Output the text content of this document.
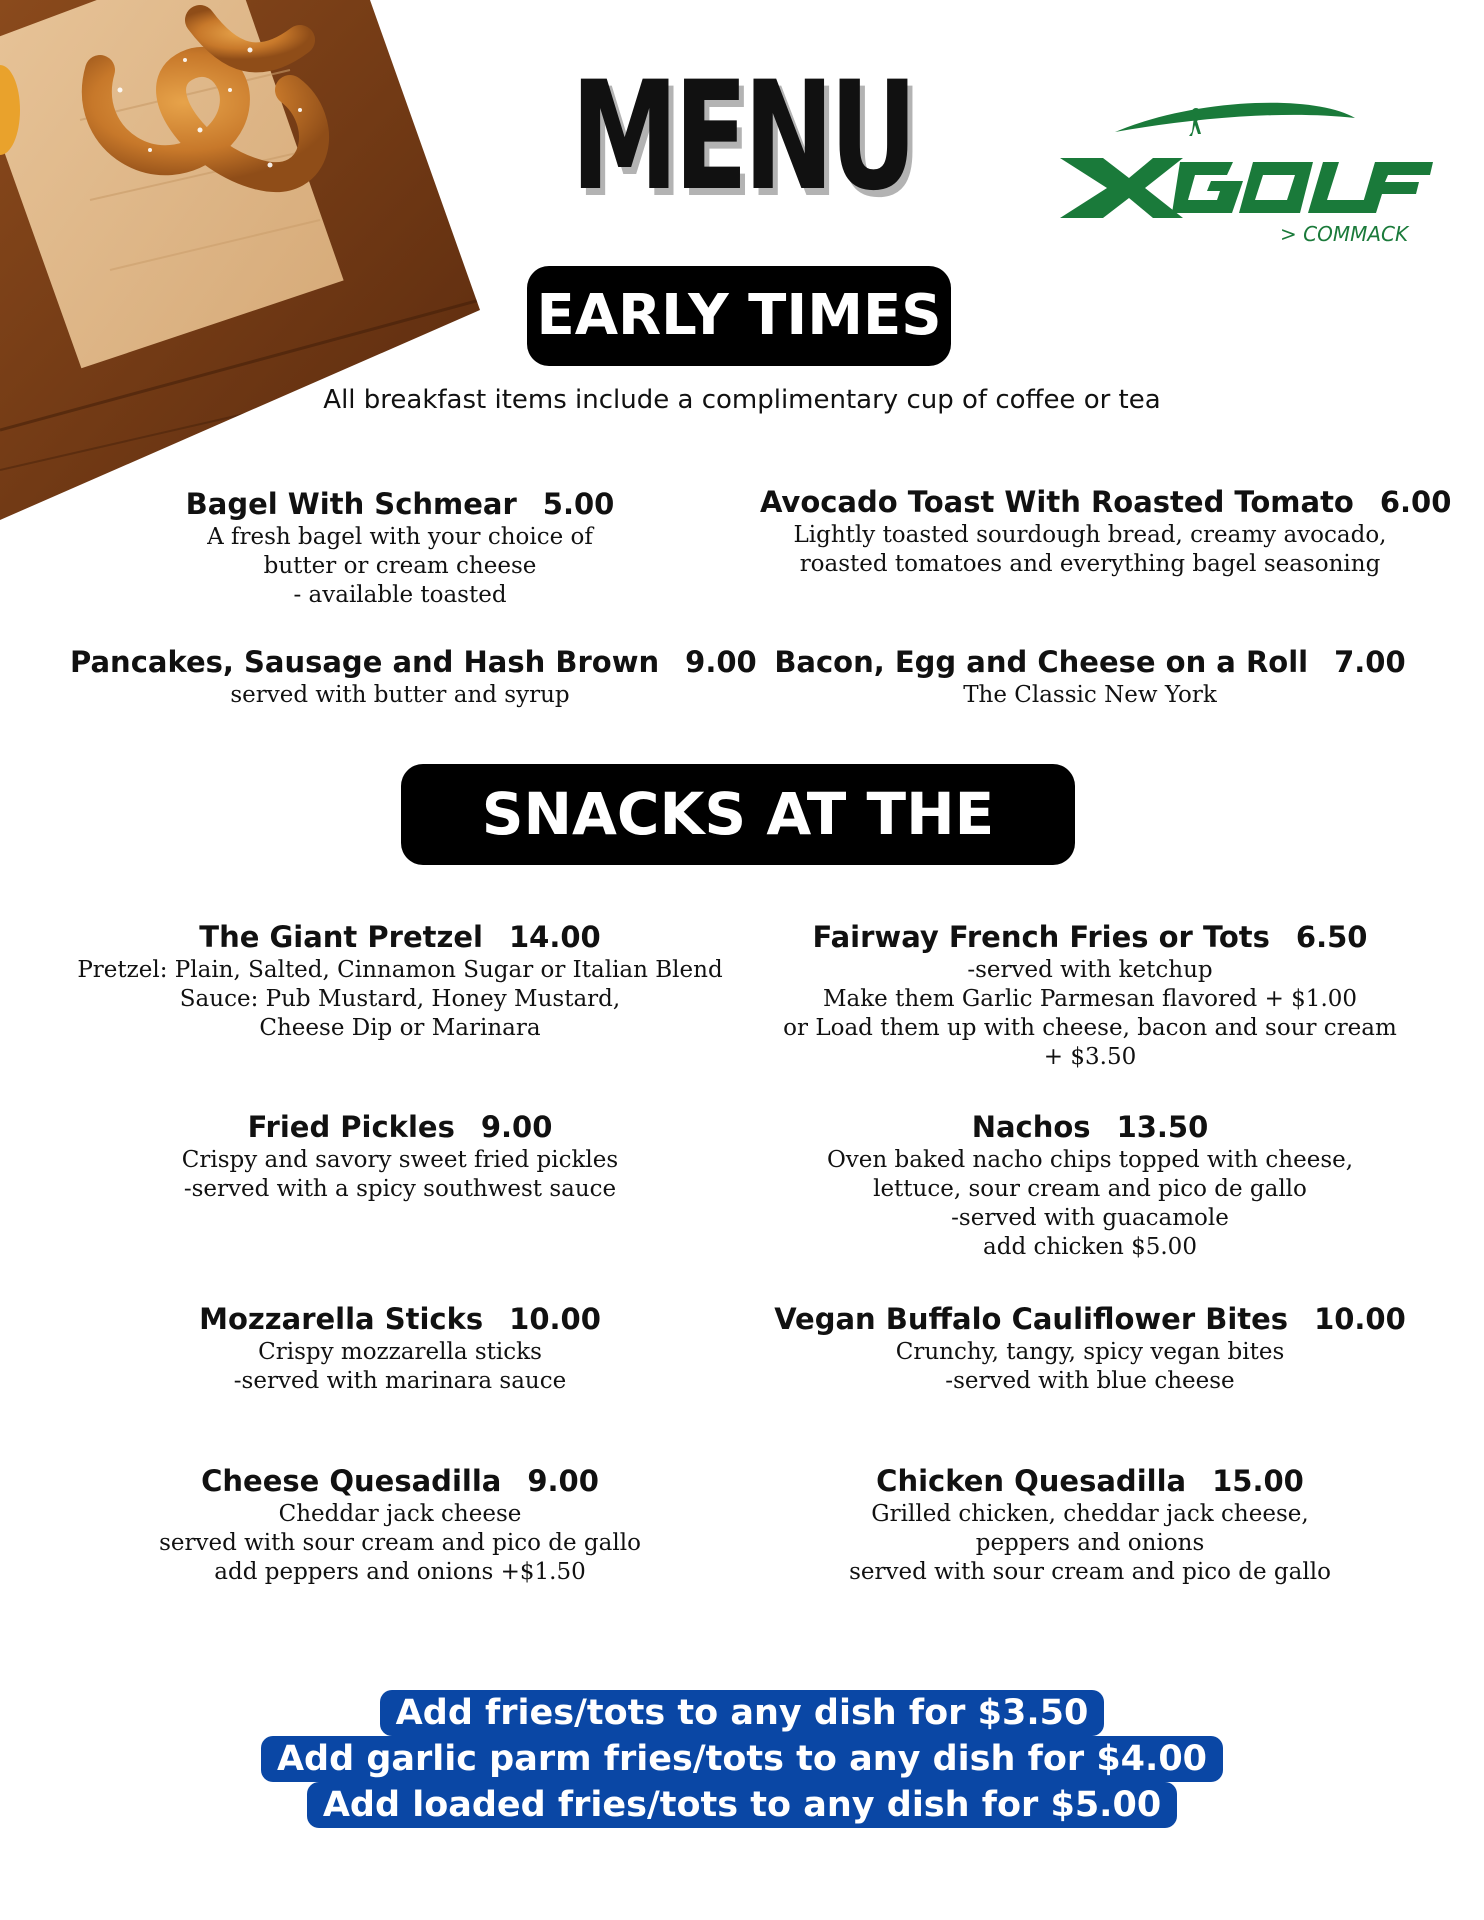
MENU
> COMMACK
EARLY TIMES
All breakfast items include a complimentary cup of coffee or tea
Bagel With Schmear 5.00
A fresh bagel with your choice of
butter or cream cheese
- available toasted
Avocado Toast With Roasted Tomato 6.00
Lightly toasted sourdough bread, creamy avocado,
roasted tomatoes and everything bagel seasoning
Pancakes, Sausage and Hash Brown 9.00
served with butter and syrup
Bacon, Egg and Cheese on a Roll 7.00
The Classic New York
SNACKS AT THE TURN
The Giant Pretzel 14.00
Pretzel: Plain, Salted, Cinnamon Sugar or Italian Blend
Sauce: Pub Mustard, Honey Mustard,
Cheese Dip or Marinara
Fairway French Fries or Tots 6.50
-served with ketchup
Make them Garlic Parmesan flavored + $1.00
or Load them up with cheese, bacon and sour cream
+ $3.50
Fried Pickles 9.00
Crispy and savory sweet fried pickles
-served with a spicy southwest sauce
Nachos 13.50
Oven baked nacho chips topped with cheese,
lettuce, sour cream and pico de gallo
-served with guacamole
add chicken $5.00
Mozzarella Sticks 10.00
Crispy mozzarella sticks
-served with marinara sauce
Vegan Buffalo Cauliflower Bites 10.00
Crunchy, tangy, spicy vegan bites
-served with blue cheese
Cheese Quesadilla 9.00
Cheddar jack cheese
served with sour cream and pico de gallo
add peppers and onions +$1.50
Chicken Quesadilla 15.00
Grilled chicken, cheddar jack cheese,
peppers and onions
served with sour cream and pico de gallo
Add fries/tots to any dish for $3.50
Add garlic parm fries/tots to any dish for $4.00
Add loaded fries/tots to any dish for $5.00
